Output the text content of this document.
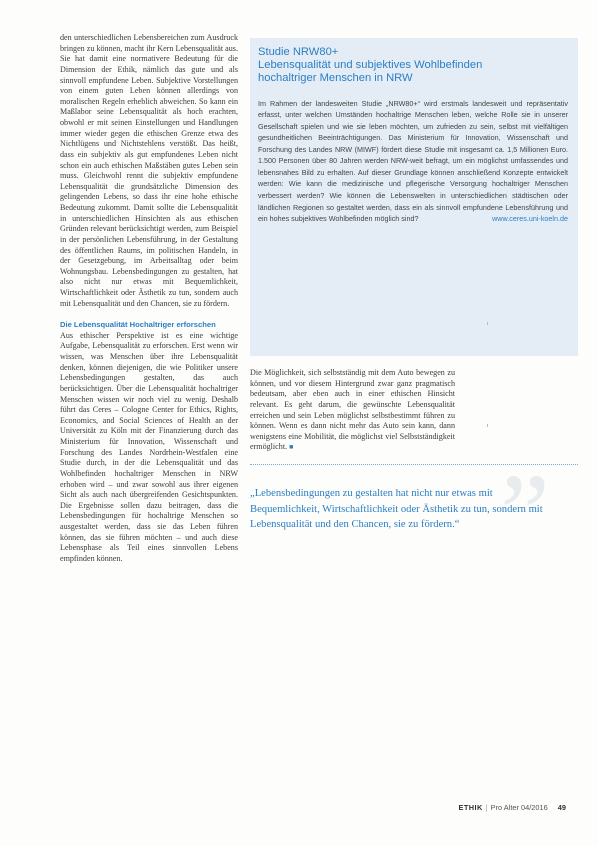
den unterschiedlichen Lebensbereichen zum Ausdruck bringen zu können, macht ihr Kern Lebensqualität aus. Sie hat damit eine normativere Bedeutung für die Dimension der Ethik, nämlich das gute und als sinnvoll empfundene Leben. Subjektive Vorstellungen von einem guten Leben können allerdings von moralischen Regeln erheblich abweichen. So kann ein Maßlabor seine Lebensqualität als hoch erachten, obwohl er mit seinen Einstellungen und Handlungen immer wieder gegen die ethischen Grenze etwa des Nichtlügens und Nichtstehlens verstößt. Das heißt, dass ein subjektiv als gut empfundenes Leben nicht schon ein auch ethischen Maßstäben gutes Leben sein muss. Gleichwohl rennt die subjektiv empfundene Lebensqualität die grundsätzliche Dimension des gelingenden Lebens, so dass ihr eine hohe ethische Bedeutung zukommt. Damit sollte die Lebensqualität in unterschiedlichen Hinsichten als aus ethischen Gründen relevant berücksichtigt werden, zum Beispiel in der persönlichen Lebensführung, in der Gestaltung des öffentlichen Raums, im politischen Handeln, in der Gesetzgebung, im Arbeitsalltag oder beim Wohnungsbau. Lebensbedingungen zu gestalten, hat also nicht nur etwas mit Bequemlichkeit, Wirtschaftlichkeit oder Ästhetik zu tun, sondern auch mit Lebensqualität und den Chancen, sie zu fördern.

Die Lebensqualität Hochaltriger erforschen

Aus ethischer Perspektive ist es eine wichtige Aufgabe, Lebensqualität zu erforschen. Erst wenn wir wissen, was Menschen über ihre Lebensqualität denken, können diejenigen, die wie Politiker unsere Lebensbedingungen gestalten, das auch berücksichtigen. Über die Lebensqualität hochaltriger Menschen wissen wir noch viel zu wenig. Deshalb führt das Ceres – Cologne Center for Ethics, Rights, Economics, and Social Sciences of Health an der Universität zu Köln mit der Finanzierung durch das Ministerium für Innovation, Wissenschaft und Forschung des Landes Nordrhein-Westfalen eine Studie durch, in der die Lebensqualität und das Wohlbefinden hochaltriger Menschen in NRW erhoben wird – und zwar sowohl aus ihrer eigenen Sicht als auch nach übergreifenden Gesichtspunkten. Die Ergebnisse sollen dazu beitragen, dass die Lebensbedingungen für hochaltrige Menschen so ausgestaltet werden, dass sie das Leben führen können, das sie führen möchten – und auch diese Lebensphase als Teil eines sinnvollen Lebens empfinden können.

Studie NRW80+
Lebensqualität und subjektives Wohlbefinden
hochaltriger Menschen in NRW
Im Rahmen der landesweiten Studie „NRW80+“ wird erstmals landesweit und repräsentativ erfasst, unter welchen Umständen hochaltrige Menschen leben, welche Rolle sie in unserer Gesellschaft spielen und wie sie leben möchten, um zufrieden zu sein, selbst mit vielfältigen gesundheitlichen Beeinträchtigungen. Das Ministerium für Innovation, Wissenschaft und Forschung des Landes NRW (MIWF) fördert diese Studie mit insgesamt ca. 1,5 Millionen Euro. 1.500 Personen über 80 Jahren werden NRW-weit befragt, um ein möglichst umfassendes und lebensnahes Bild zu erhalten. Auf dieser Grundlage können anschließend Konzepte entwickelt werden: Wie kann die medizinische und pflegerische Versorgung hochaltriger Menschen verbessert werden? Wie können die Lebenswelten in unterschiedlichen städtischen oder ländlichen Regionen so gestaltet werden, dass ein als sinnvoll empfundene Lebensführung und ein hohes subjektives Wohlbefinden möglich sind?	www.ceres.uni-koeln.de

Die Möglichkeit, sich selbstständig mit dem Auto bewegen zu können, und vor diesem Hintergrund zwar ganz pragmatisch bedeutsam, aber eben auch in einer ethischen Hinsicht relevant. Es geht darum, die gewünschte Lebensqualität erreichen und sein Leben möglichst selbstbestimmt führen zu können. Wenn es dann nicht mehr das Auto sein kann, dann wenigstens eine Mobilität, die möglichst viel Selbstständigkeit ermöglicht. ■

”
„Lebensbedingungen zu gestalten hat nicht nur etwas mit Bequemlichkeit, Wirtschaftlichkeit oder Ästhetik zu tun, sondern mit Lebensqualität und den Chancen, sie zu fördern.“
ETHIK | Pro Alter 04/2016 49
